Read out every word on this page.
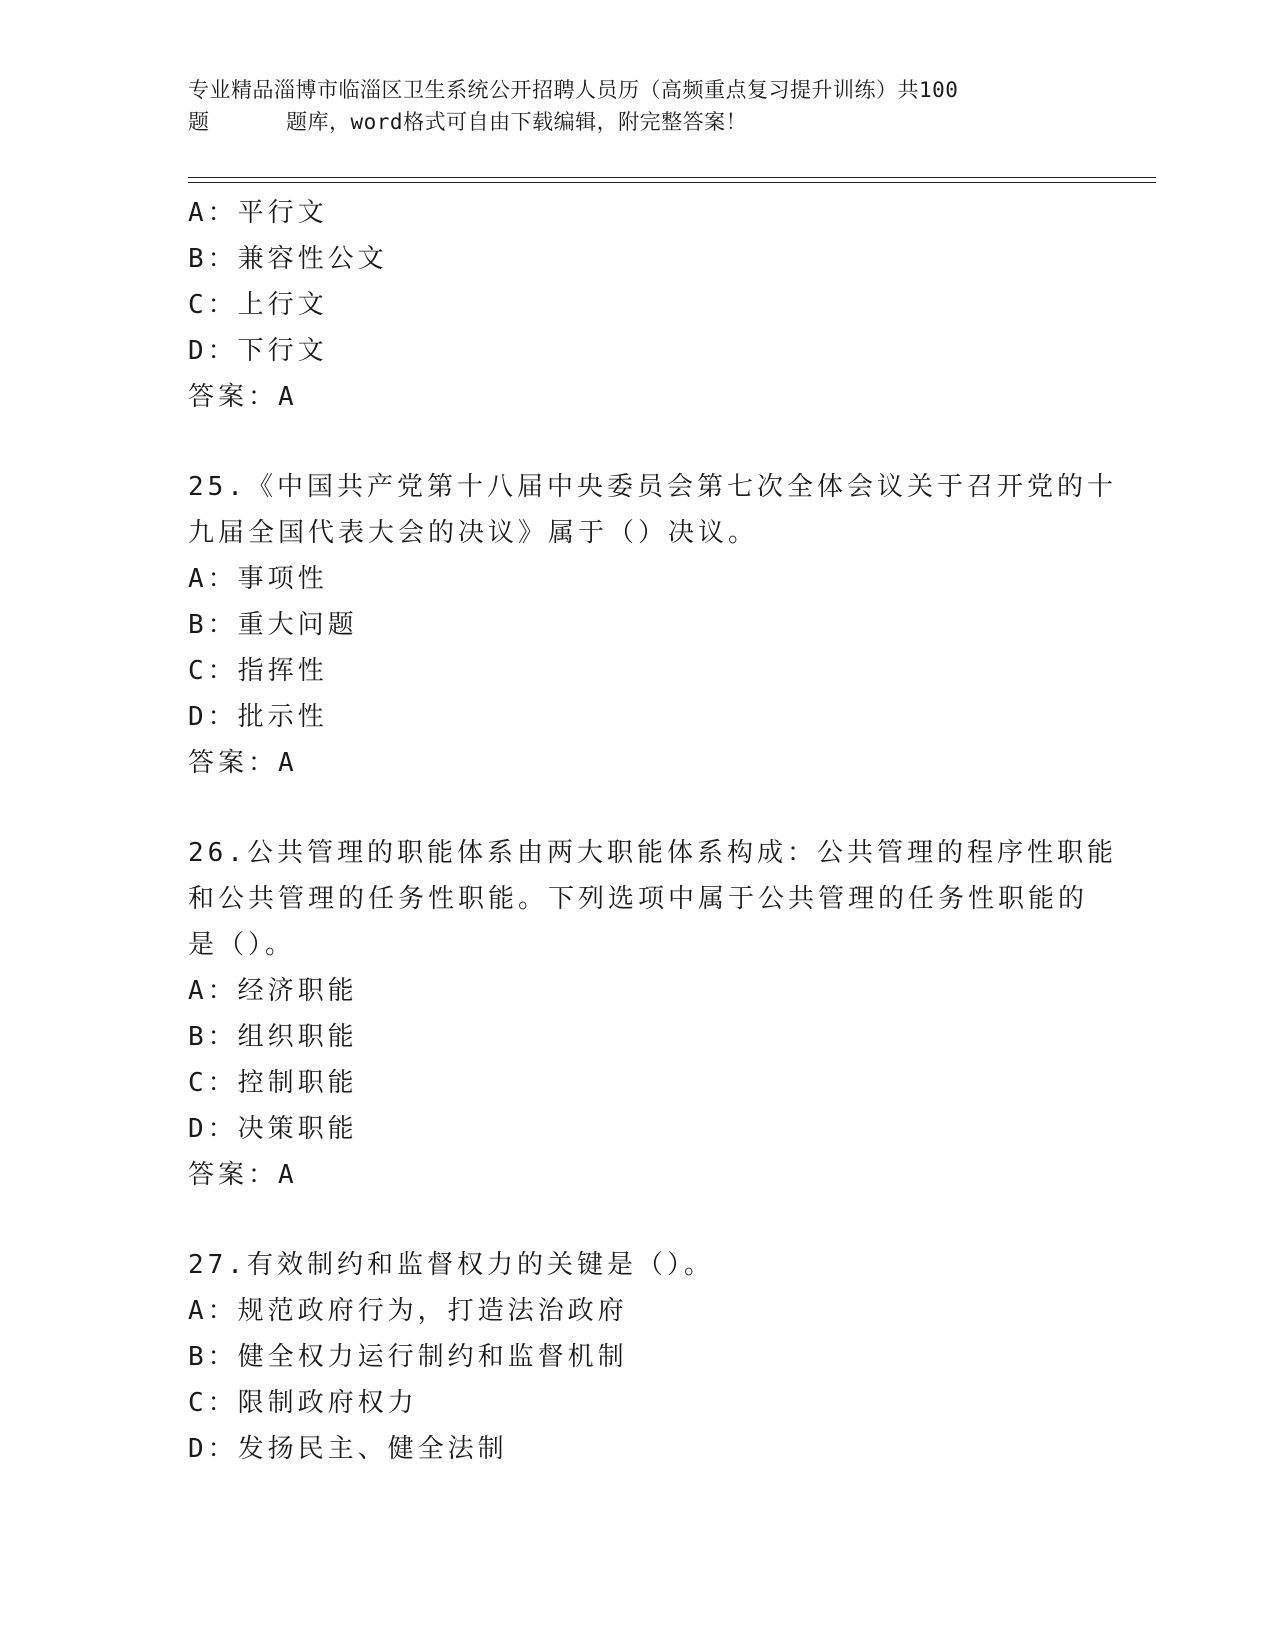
专业精品淄博市临淄区卫生系统公开招聘人员历（高频重点复习提升训练）共100
题	题库，word格式可自由下载编辑，附完整答案！
A：平行文
B：兼容性公文
C：上行文
D：下行文
答案：A
25.《中国共产党第十八届中央委员会第七次全体会议关于召开党的十
九届全国代表大会的决议》属于（）决议。
A：事项性
B：重大问题
C：指挥性
D：批示性
答案：A
26.公共管理的职能体系由两大职能体系构成：公共管理的程序性职能
和公共管理的任务性职能。下列选项中属于公共管理的任务性职能的
是（）。
A：经济职能
B：组织职能
C：控制职能
D：决策职能
答案：A
27.有效制约和监督权力的关键是（）。
A：规范政府行为，打造法治政府
B：健全权力运行制约和监督机制
C：限制政府权力
D：发扬民主、健全法制
